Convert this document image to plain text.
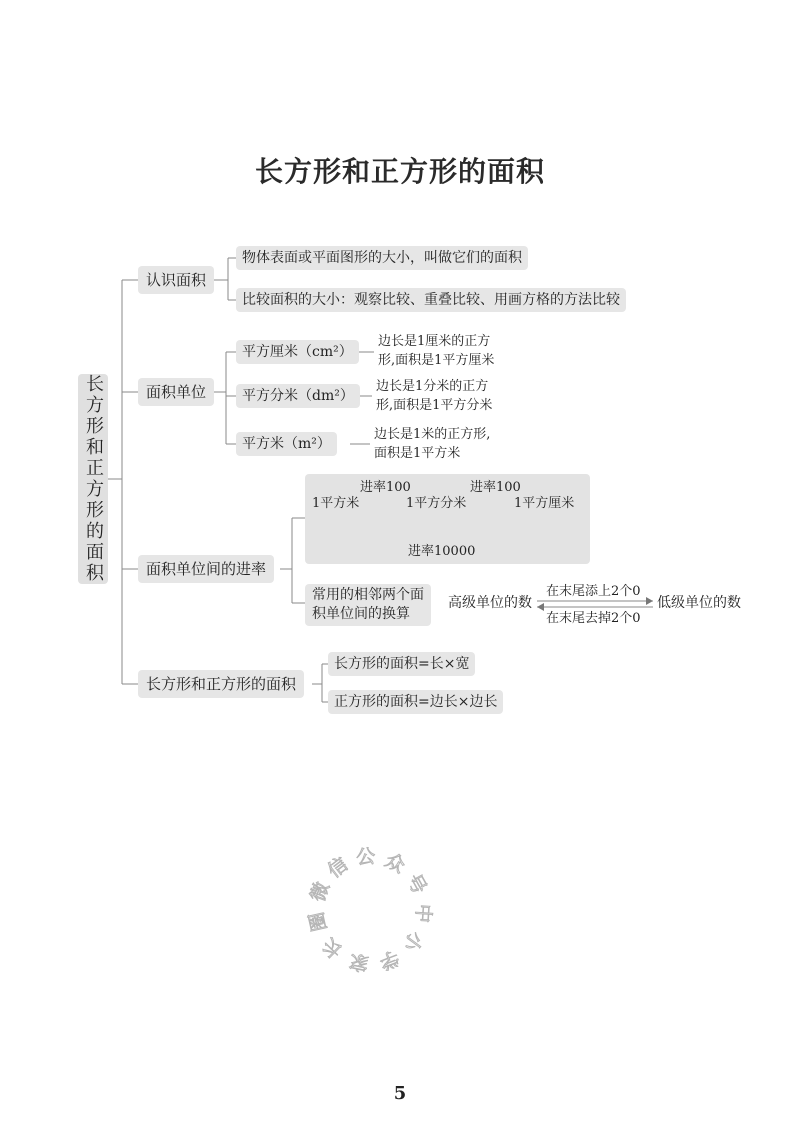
长方形和正方形的面积
长方形和正方形的面积
认识面积
物体表面或平面图形的大小，叫做它们的面积
比较面积的大小：观察比较、重叠比较、用画方格的方法比较
面积单位
平方厘米（cm²）
边长是1厘米的正方
形,面积是1平方厘米
平方分米（dm²）
边长是1分米的正方
形,面积是1平方分米
平方米（m²）
边长是1米的正方形,
面积是1平方米
面积单位间的进率
进率100	进率100
1平方米	1平方分米	1平方厘米
进率10000
常用的相邻两个面
积单位间的换算
高级单位的数
在末尾添上2个0
在末尾去掉2个0
低级单位的数
长方形和正方形的面积
长方形的面积=长×宽
正方形的面积=边长×边长
微
信 公 众
号
中
小
学
家
长
圈
5
